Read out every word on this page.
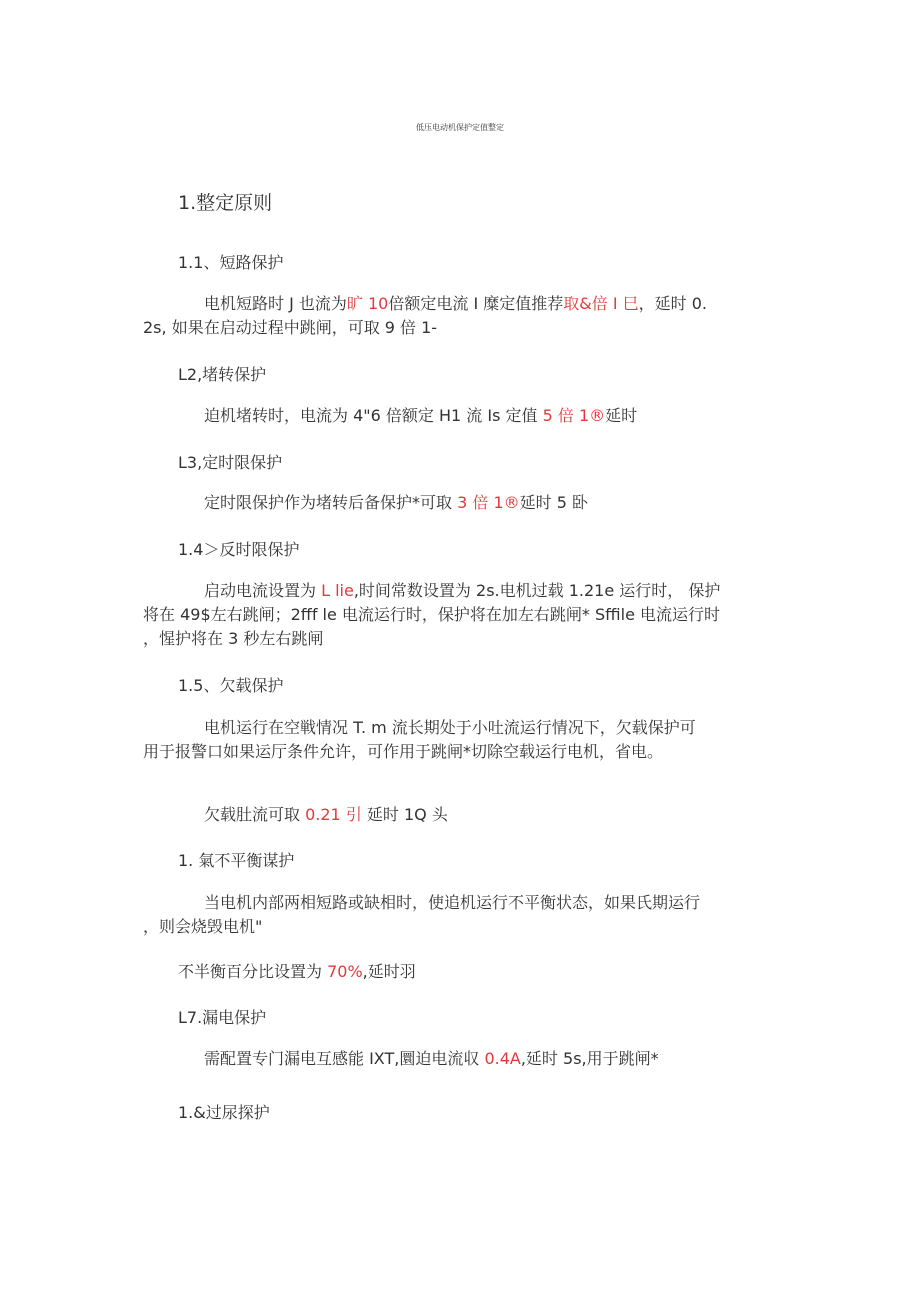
低压电动机保护定值整定
1.整定原则
1.1、短路保护
电机短路时 J 也流为旷 10倍额定电流 I 糜定值推荐取&倍 I 巳，延时 0.
2s, 如果在启动过程中跳闸，可取 9 倍 1-
L2,堵转保护
迫机堵转时，电流为 4"6 倍额定 H1 流 Is 定值 5 倍 1®延时
L3,定时限保护
定时限保护作为堵转后备保护*可取 3 倍 1®延时 5 卧
1.4＞反时限保护
启动电流设置为 L lie,时间常数设置为 2s.电机过载 1.21e 运行时， 保护
将在 49$左右跳闸；2fff le 电流运行时，保护将在加左右跳闸* Sffile 电流运行时
，惺护将在 3 秒左右跳闸
1.5、欠载保护
电机运行在空戦情况 T. m 流长期处于小吐流运行情况下，欠载保护可
用于报警口如果运厅条件允许，可作用于跳闸*切除空载运行电机，省电。
欠载肚流可取 0.21 引 延时 1Q 头
1. 氣不平衡谋护
当电机内部两相短路或缺相时，使追机运行不平衡状态，如果氏期运行
，则会烧毁电机"
不半衡百分比设置为 70%,延时羽
L7.漏电保护
需配置专门漏电互感能 IXT,圜迫电流収 0.4A,延时 5s,用于跳闸*
1.&过尿探护
